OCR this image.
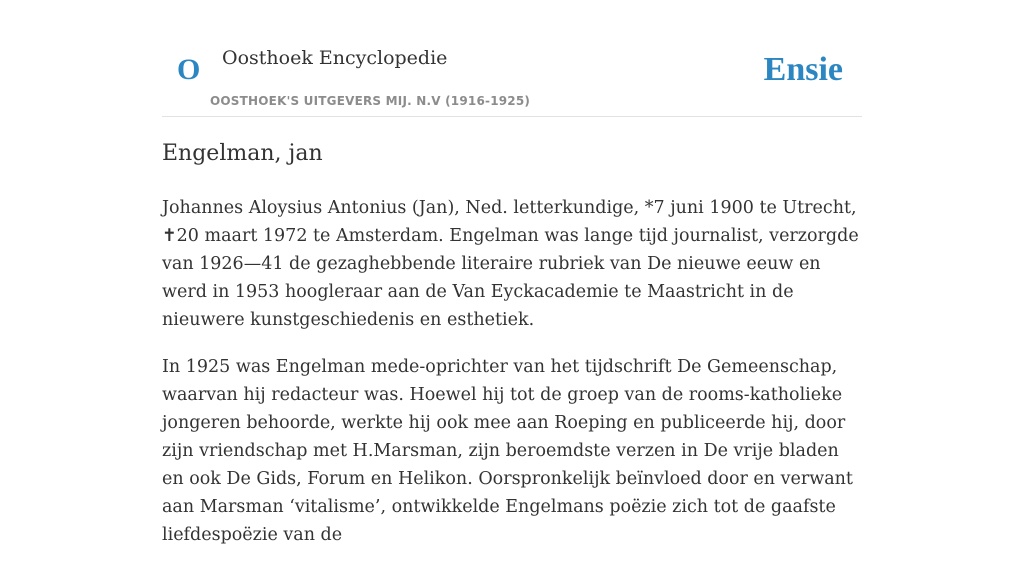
O Oosthoek Encyclopedie
OOSTHOEK'S UITGEVERS MIJ. N.V (1916-1925)
Ensie
Engelman, jan

Johannes Aloysius Antonius (Jan), Ned. letterkundige, *7 juni 1900 te Utrecht, ✝20 maart 1972 te Amsterdam. Engelman was lange tijd journalist, verzorgde van 1926—41 de gezaghebbende literaire rubriek van De nieuwe eeuw en werd in 1953 hoogleraar aan de Van Eyckacademie te Maastricht in de nieuwere kunstgeschiedenis en esthetiek.

In 1925 was Engelman mede-oprichter van het tijdschrift De Gemeenschap, waarvan hij redacteur was. Hoewel hij tot de groep van de rooms-katholieke jongeren behoorde, werkte hij ook mee aan Roeping en publiceerde hij, door zijn vriendschap met H.Marsman, zijn beroemdste verzen in De vrije bladen en ook De Gids, Forum en Helikon. Oorspronkelijk beïnvloed door en verwant aan Marsman ‘vitalisme’, ontwikkelde Engelmans poëzie zich tot de gaafste liefdespoëzie van de
